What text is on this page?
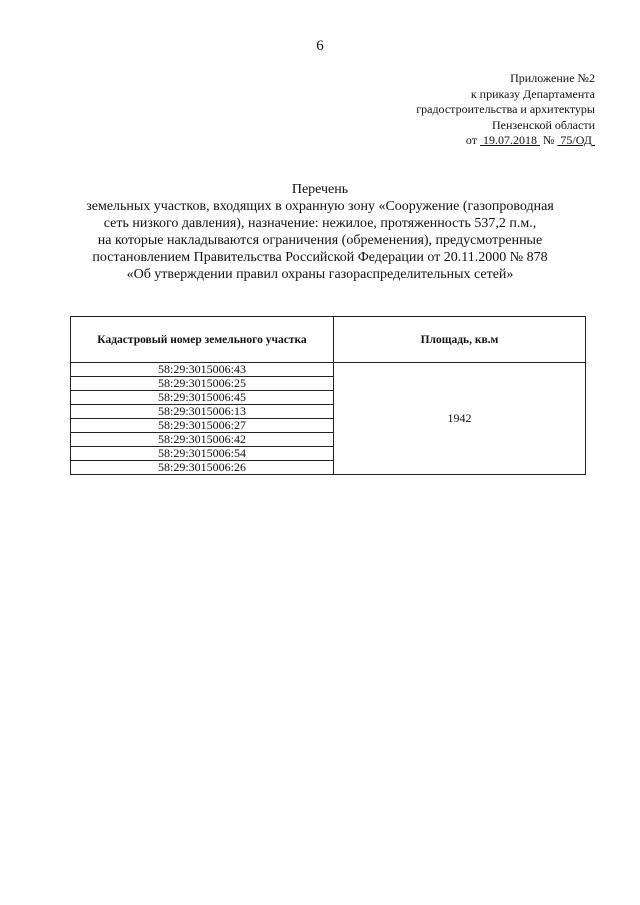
6
Приложение №2
к приказу Департамента
градостроительства и архитектуры
Пензенской области
от 19.07.2018 № 75/ОД
Перечень
земельных участков, входящих в охранную зону «Сооружение (газопроводная
сеть низкого давления), назначение: нежилое, протяженность 537,2 п.м.,
на которые накладываются ограничения (обременения), предусмотренные
постановлением Правительства Российской Федерации от 20.11.2000 № 878
«Об утверждении правил охраны газораспределительных сетей»
Кадастровый номер земельного участка	Площадь, кв.м
58:29:3015006:43	1942
58:29:3015006:25	
58:29:3015006:45	
58:29:3015006:13	
58:29:3015006:27	
58:29:3015006:42	
58:29:3015006:54	
58:29:3015006:26	
